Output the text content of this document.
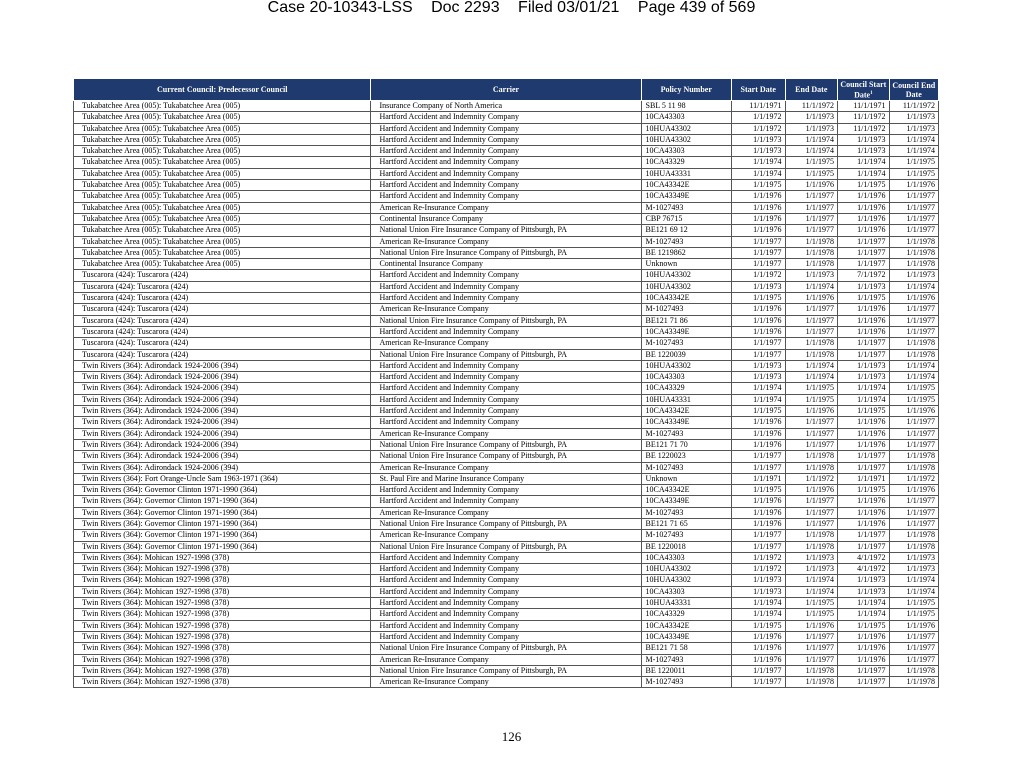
Case 20-10343-LSS Doc 2293 Filed 03/01/21 Page 439 of 569
Current Council: Predecessor Council	Carrier	Policy Number	Start Date	End Date	Council Start Date$^1$	Council End Date
Tukabatchee Area (005): Tukabatchee Area (005)	Insurance Company of North America	SBL 5 11 98	11/1/1971	11/1/1972	11/1/1971	11/1/1972
Tukabatchee Area (005): Tukabatchee Area (005)	Hartford Accident and Indemnity Company	10CA43303	1/1/1972	1/1/1973	11/1/1972	1/1/1973
Tukabatchee Area (005): Tukabatchee Area (005)	Hartford Accident and Indemnity Company	10HUA43302	1/1/1972	1/1/1973	11/1/1972	1/1/1973
Tukabatchee Area (005): Tukabatchee Area (005)	Hartford Accident and Indemnity Company	10HUA43302	1/1/1973	1/1/1974	1/1/1973	1/1/1974
Tukabatchee Area (005): Tukabatchee Area (005)	Hartford Accident and Indemnity Company	10CA43303	1/1/1973	1/1/1974	1/1/1973	1/1/1974
Tukabatchee Area (005): Tukabatchee Area (005)	Hartford Accident and Indemnity Company	10CA43329	1/1/1974	1/1/1975	1/1/1974	1/1/1975
Tukabatchee Area (005): Tukabatchee Area (005)	Hartford Accident and Indemnity Company	10HUA43331	1/1/1974	1/1/1975	1/1/1974	1/1/1975
Tukabatchee Area (005): Tukabatchee Area (005)	Hartford Accident and Indemnity Company	10CA43342E	1/1/1975	1/1/1976	1/1/1975	1/1/1976
Tukabatchee Area (005): Tukabatchee Area (005)	Hartford Accident and Indemnity Company	10CA43349E	1/1/1976	1/1/1977	1/1/1976	1/1/1977
Tukabatchee Area (005): Tukabatchee Area (005)	American Re-Insurance Company	M-1027493	1/1/1976	1/1/1977	1/1/1976	1/1/1977
Tukabatchee Area (005): Tukabatchee Area (005)	Continental Insurance Company	CBP 76715	1/1/1976	1/1/1977	1/1/1976	1/1/1977
Tukabatchee Area (005): Tukabatchee Area (005)	National Union Fire Insurance Company of Pittsburgh, PA	BE121 69 12	1/1/1976	1/1/1977	1/1/1976	1/1/1977
Tukabatchee Area (005): Tukabatchee Area (005)	American Re-Insurance Company	M-1027493	1/1/1977	1/1/1978	1/1/1977	1/1/1978
Tukabatchee Area (005): Tukabatchee Area (005)	National Union Fire Insurance Company of Pittsburgh, PA	BE 1219862	1/1/1977	1/1/1978	1/1/1977	1/1/1978
Tukabatchee Area (005): Tukabatchee Area (005)	Continental Insurance Company	Unknown	1/1/1977	1/1/1978	1/1/1977	1/1/1978
Tuscarora (424): Tuscarora (424)	Hartford Accident and Indemnity Company	10HUA43302	1/1/1972	1/1/1973	7/1/1972	1/1/1973
Tuscarora (424): Tuscarora (424)	Hartford Accident and Indemnity Company	10HUA43302	1/1/1973	1/1/1974	1/1/1973	1/1/1974
Tuscarora (424): Tuscarora (424)	Hartford Accident and Indemnity Company	10CA43342E	1/1/1975	1/1/1976	1/1/1975	1/1/1976
Tuscarora (424): Tuscarora (424)	American Re-Insurance Company	M-1027493	1/1/1976	1/1/1977	1/1/1976	1/1/1977
Tuscarora (424): Tuscarora (424)	National Union Fire Insurance Company of Pittsburgh, PA	BE121 71 86	1/1/1976	1/1/1977	1/1/1976	1/1/1977
Tuscarora (424): Tuscarora (424)	Hartford Accident and Indemnity Company	10CA43349E	1/1/1976	1/1/1977	1/1/1976	1/1/1977
Tuscarora (424): Tuscarora (424)	American Re-Insurance Company	M-1027493	1/1/1977	1/1/1978	1/1/1977	1/1/1978
Tuscarora (424): Tuscarora (424)	National Union Fire Insurance Company of Pittsburgh, PA	BE 1220039	1/1/1977	1/1/1978	1/1/1977	1/1/1978
Twin Rivers (364): Adirondack 1924-2006 (394)	Hartford Accident and Indemnity Company	10HUA43302	1/1/1973	1/1/1974	1/1/1973	1/1/1974
Twin Rivers (364): Adirondack 1924-2006 (394)	Hartford Accident and Indemnity Company	10CA43303	1/1/1973	1/1/1974	1/1/1973	1/1/1974
Twin Rivers (364): Adirondack 1924-2006 (394)	Hartford Accident and Indemnity Company	10CA43329	1/1/1974	1/1/1975	1/1/1974	1/1/1975
Twin Rivers (364): Adirondack 1924-2006 (394)	Hartford Accident and Indemnity Company	10HUA43331	1/1/1974	1/1/1975	1/1/1974	1/1/1975
Twin Rivers (364): Adirondack 1924-2006 (394)	Hartford Accident and Indemnity Company	10CA43342E	1/1/1975	1/1/1976	1/1/1975	1/1/1976
Twin Rivers (364): Adirondack 1924-2006 (394)	Hartford Accident and Indemnity Company	10CA43349E	1/1/1976	1/1/1977	1/1/1976	1/1/1977
Twin Rivers (364): Adirondack 1924-2006 (394)	American Re-Insurance Company	M-1027493	1/1/1976	1/1/1977	1/1/1976	1/1/1977
Twin Rivers (364): Adirondack 1924-2006 (394)	National Union Fire Insurance Company of Pittsburgh, PA	BE121 71 70	1/1/1976	1/1/1977	1/1/1976	1/1/1977
Twin Rivers (364): Adirondack 1924-2006 (394)	National Union Fire Insurance Company of Pittsburgh, PA	BE 1220023	1/1/1977	1/1/1978	1/1/1977	1/1/1978
Twin Rivers (364): Adirondack 1924-2006 (394)	American Re-Insurance Company	M-1027493	1/1/1977	1/1/1978	1/1/1977	1/1/1978
Twin Rivers (364): Fort Orange-Uncle Sam 1963-1971 (364)	St. Paul Fire and Marine Insurance Company	Unknown	1/1/1971	1/1/1972	1/1/1971	1/1/1972
Twin Rivers (364): Governor Clinton 1971-1990 (364)	Hartford Accident and Indemnity Company	10CA43342E	1/1/1975	1/1/1976	1/1/1975	1/1/1976
Twin Rivers (364): Governor Clinton 1971-1990 (364)	Hartford Accident and Indemnity Company	10CA43349E	1/1/1976	1/1/1977	1/1/1976	1/1/1977
Twin Rivers (364): Governor Clinton 1971-1990 (364)	American Re-Insurance Company	M-1027493	1/1/1976	1/1/1977	1/1/1976	1/1/1977
Twin Rivers (364): Governor Clinton 1971-1990 (364)	National Union Fire Insurance Company of Pittsburgh, PA	BE121 71 65	1/1/1976	1/1/1977	1/1/1976	1/1/1977
Twin Rivers (364): Governor Clinton 1971-1990 (364)	American Re-Insurance Company	M-1027493	1/1/1977	1/1/1978	1/1/1977	1/1/1978
Twin Rivers (364): Governor Clinton 1971-1990 (364)	National Union Fire Insurance Company of Pittsburgh, PA	BE 1220018	1/1/1977	1/1/1978	1/1/1977	1/1/1978
Twin Rivers (364): Mohican 1927-1998 (378)	Hartford Accident and Indemnity Company	10CA43303	1/1/1972	1/1/1973	4/1/1972	1/1/1973
Twin Rivers (364): Mohican 1927-1998 (378)	Hartford Accident and Indemnity Company	10HUA43302	1/1/1972	1/1/1973	4/1/1972	1/1/1973
Twin Rivers (364): Mohican 1927-1998 (378)	Hartford Accident and Indemnity Company	10HUA43302	1/1/1973	1/1/1974	1/1/1973	1/1/1974
Twin Rivers (364): Mohican 1927-1998 (378)	Hartford Accident and Indemnity Company	10CA43303	1/1/1973	1/1/1974	1/1/1973	1/1/1974
Twin Rivers (364): Mohican 1927-1998 (378)	Hartford Accident and Indemnity Company	10HUA43331	1/1/1974	1/1/1975	1/1/1974	1/1/1975
Twin Rivers (364): Mohican 1927-1998 (378)	Hartford Accident and Indemnity Company	10CA43329	1/1/1974	1/1/1975	1/1/1974	1/1/1975
Twin Rivers (364): Mohican 1927-1998 (378)	Hartford Accident and Indemnity Company	10CA43342E	1/1/1975	1/1/1976	1/1/1975	1/1/1976
Twin Rivers (364): Mohican 1927-1998 (378)	Hartford Accident and Indemnity Company	10CA43349E	1/1/1976	1/1/1977	1/1/1976	1/1/1977
Twin Rivers (364): Mohican 1927-1998 (378)	National Union Fire Insurance Company of Pittsburgh, PA	BE121 71 58	1/1/1976	1/1/1977	1/1/1976	1/1/1977
Twin Rivers (364): Mohican 1927-1998 (378)	American Re-Insurance Company	M-1027493	1/1/1976	1/1/1977	1/1/1976	1/1/1977
Twin Rivers (364): Mohican 1927-1998 (378)	National Union Fire Insurance Company of Pittsburgh, PA	BE 1220011	1/1/1977	1/1/1978	1/1/1977	1/1/1978
Twin Rivers (364): Mohican 1927-1998 (378)	American Re-Insurance Company	M-1027493	1/1/1977	1/1/1978	1/1/1977	1/1/1978
126
